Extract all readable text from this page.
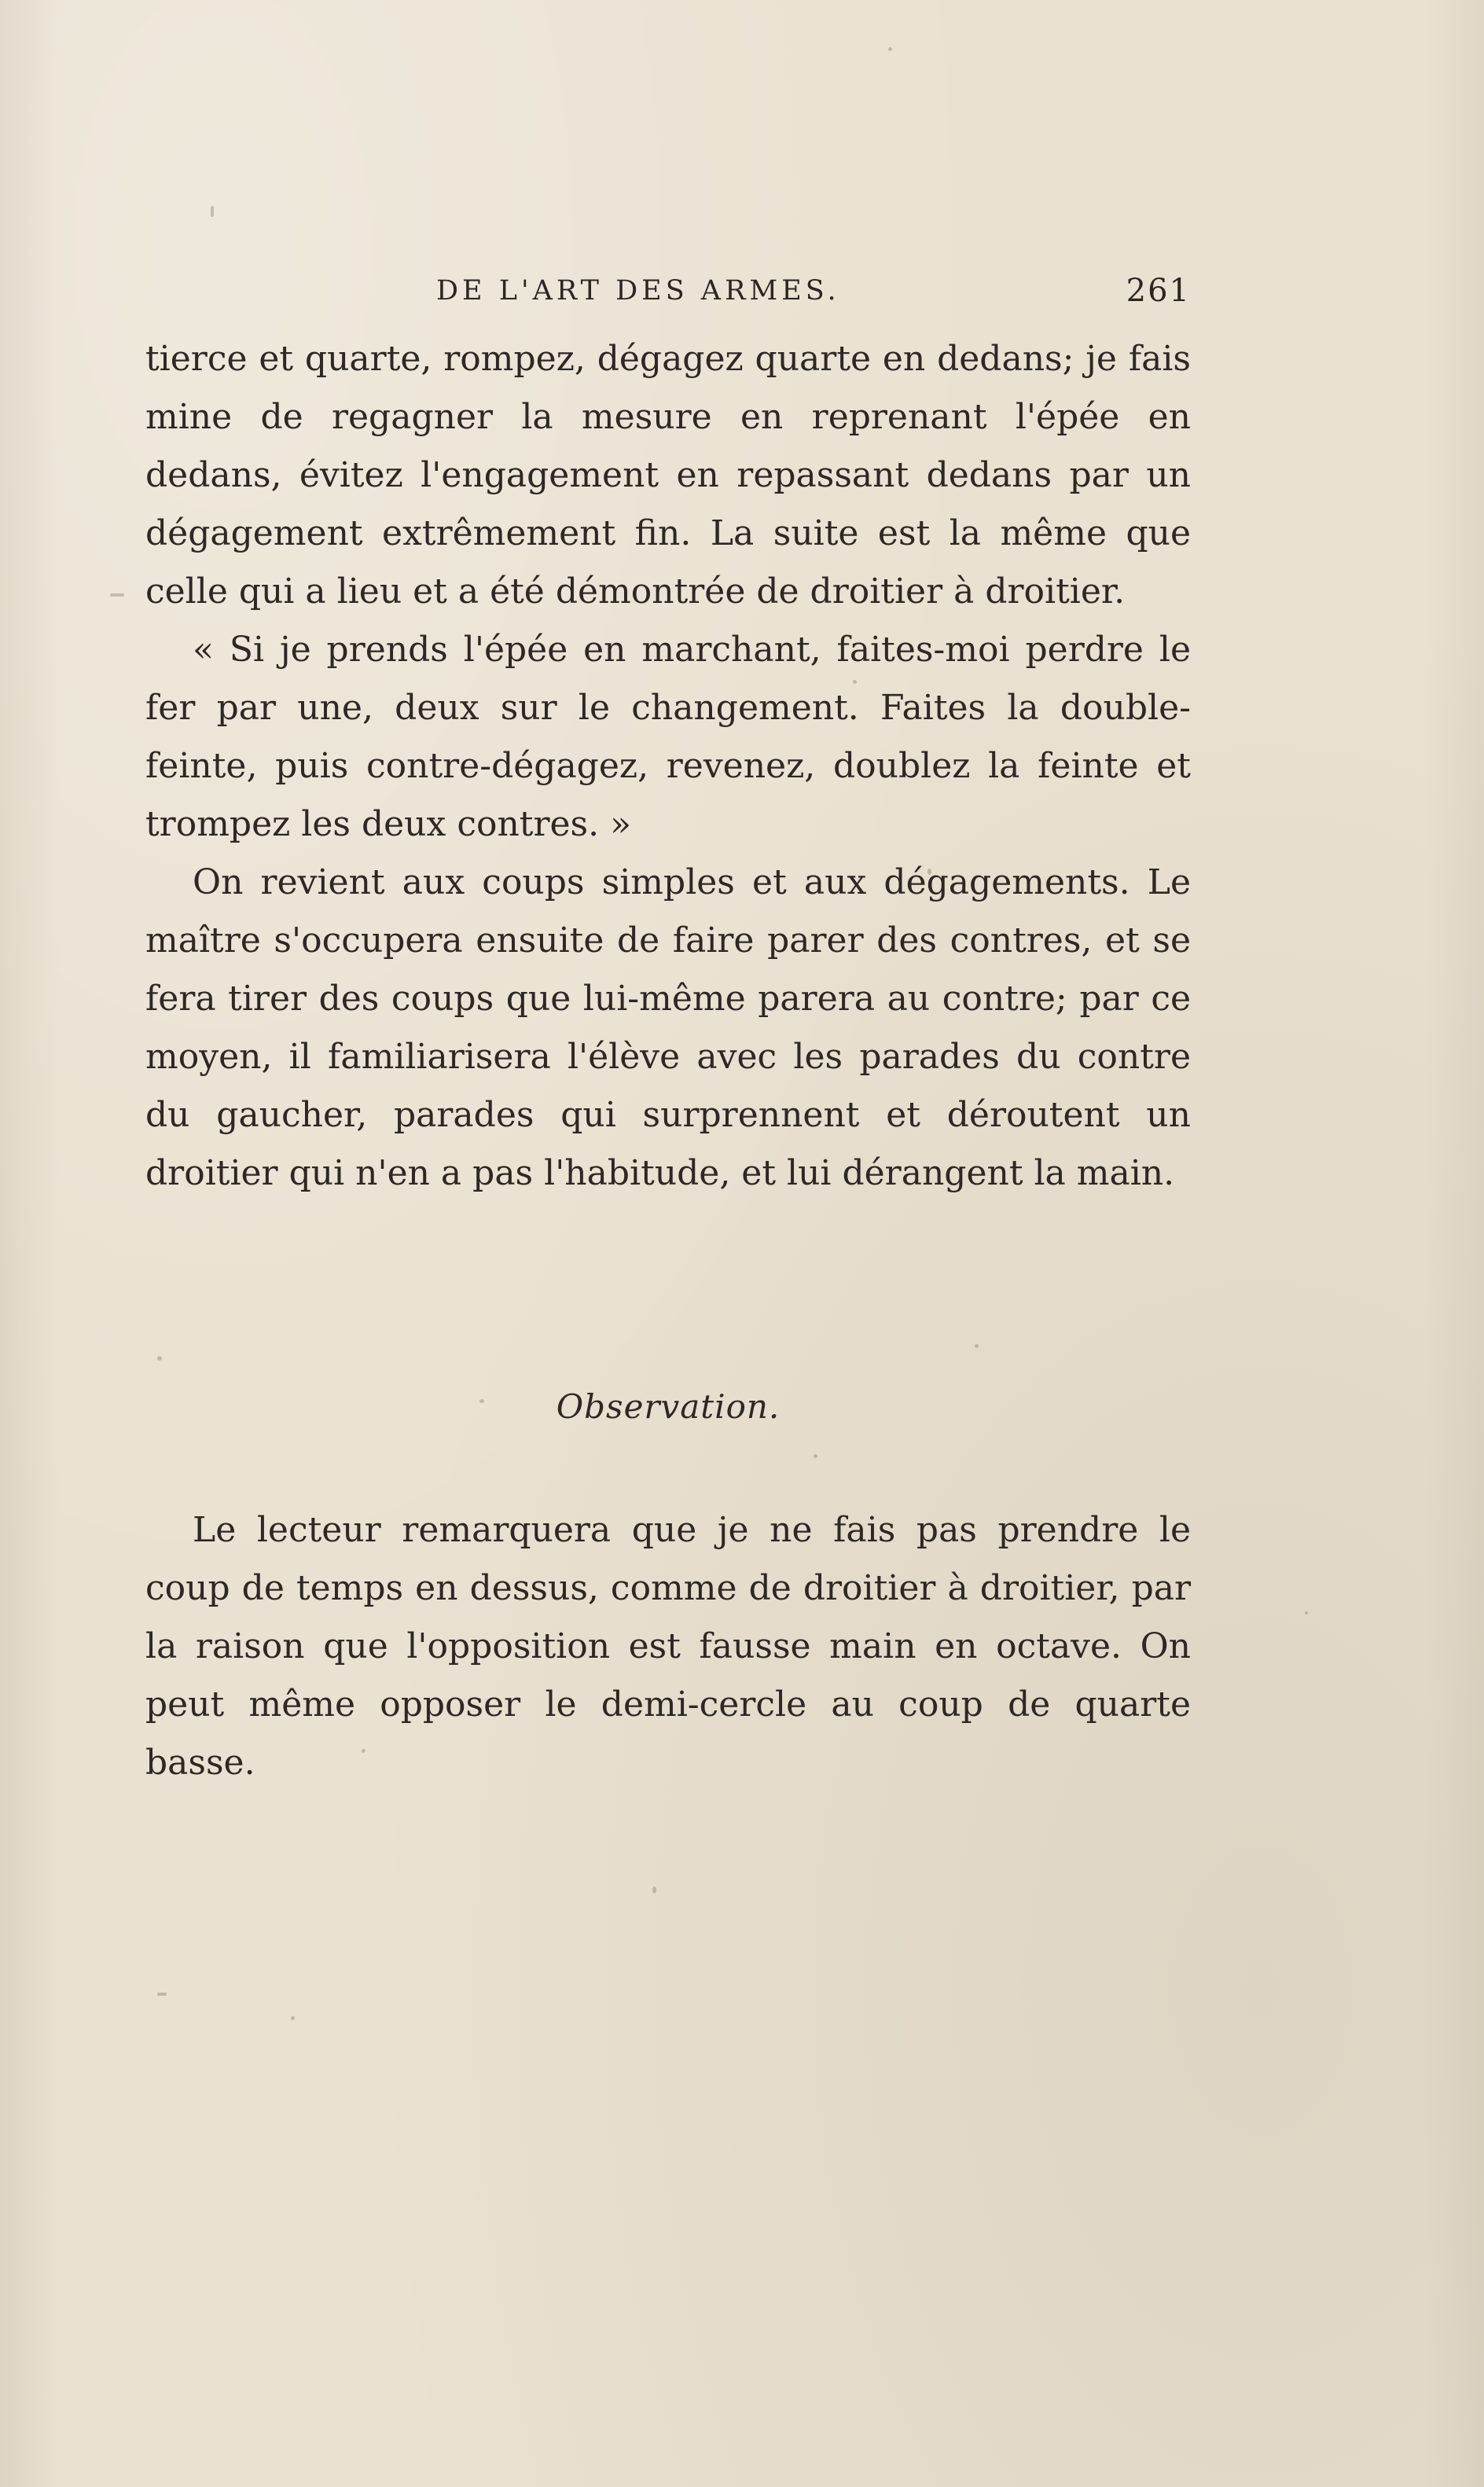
DE L'ART DES ARMES.	261

tierce et quarte, rompez, dégagez quarte en dedans; je fais mine de regagner la mesure en reprenant l'épée en dedans, évitez l'engagement en repassant dedans par un dégagement extrêmement fin. La suite est la même que celle qui a lieu et a été démontrée de droitier à droitier.

« Si je prends l'épée en marchant, faites-moi perdre le fer par une, deux sur le changement. Faites la double-feinte, puis contre-dégagez, revenez, doublez la feinte et trompez les deux contres. »

On revient aux coups simples et aux dégagements. Le maître s'occupera ensuite de faire parer des contres, et se fera tirer des coups que lui-même parera au contre; par ce moyen, il familiarisera l'élève avec les parades du contre du gaucher, parades qui surprennent et déroutent un droitier qui n'en a pas l'habitude, et lui dérangent la main.

Observation.

Le lecteur remarquera que je ne fais pas prendre le coup de temps en dessus, comme de droitier à droitier, par la raison que l'opposition est fausse main en octave. On peut même opposer le demi-cercle au coup de quarte basse.
